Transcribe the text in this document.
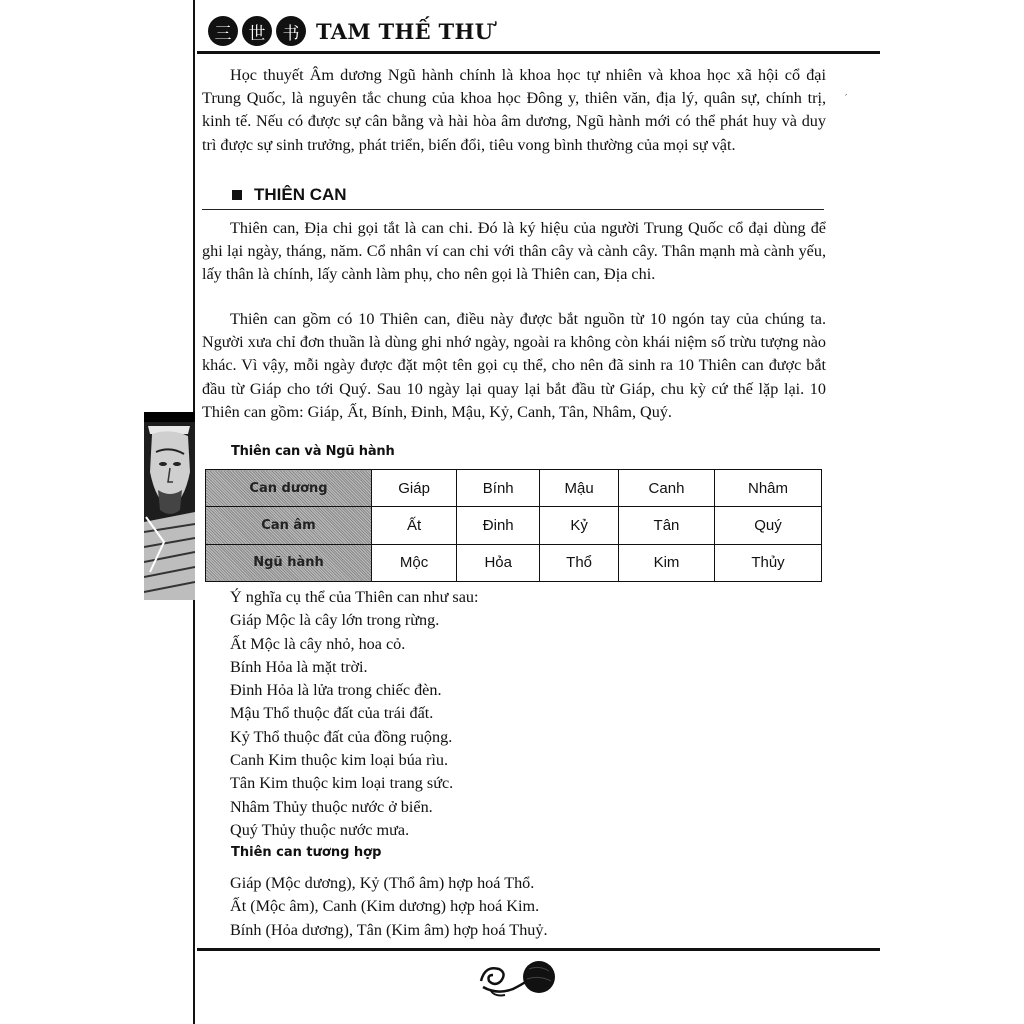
三	世	书 TAM THẾ THƯ
′

Học thuyết Âm dương Ngũ hành chính là khoa học tự nhiên và khoa học xã hội cổ đại Trung Quốc, là nguyên tắc chung của khoa học Đông y, thiên văn, địa lý, quân sự, chính trị, kinh tế. Nếu có được sự cân bằng và hài hòa âm dương, Ngũ hành mới có thể phát huy và duy trì được sự sinh trưởng, phát triển, biến đổi, tiêu vong bình thường của mọi sự vật.

THIÊN CAN

Thiên can, Địa chi gọi tắt là can chi. Đó là ký hiệu của người Trung Quốc cổ đại dùng để ghi lại ngày, tháng, năm. Cổ nhân ví can chi với thân cây và cành cây. Thân mạnh mà cành yếu, lấy thân là chính, lấy cành làm phụ, cho nên gọi là Thiên can, Địa chi.

Thiên can gồm có 10 Thiên can, điều này được bắt nguồn từ 10 ngón tay của chúng ta. Người xưa chỉ đơn thuần là dùng ghi nhớ ngày, ngoài ra không còn khái niệm số trừu tượng nào khác. Vì vậy, mỗi ngày được đặt một tên gọi cụ thể, cho nên đã sinh ra 10 Thiên can được bắt đầu từ Giáp cho tới Quý. Sau 10 ngày lại quay lại bắt đầu từ Giáp, chu kỳ cứ thế lặp lại. 10 Thiên can gồm: Giáp, Ất, Bính, Đinh, Mậu, Kỷ, Canh, Tân, Nhâm, Quý.

Thiên can và Ngũ hành
Can dương	Giáp	Bính	Mậu	Canh	Nhâm
Can âm	Ất	Đinh	Kỷ	Tân	Quý
Ngũ hành	Mộc	Hỏa	Thổ	Kim	Thủy
Ý nghĩa cụ thể của Thiên can như sau:
Giáp Mộc là cây lớn trong rừng.
Ất Mộc là cây nhỏ, hoa cỏ.
Bính Hỏa là mặt trời.
Đinh Hỏa là lửa trong chiếc đèn.
Mậu Thổ thuộc đất của trái đất.
Kỷ Thổ thuộc đất của đồng ruộng.
Canh Kim thuộc kim loại búa rìu.
Tân Kim thuộc kim loại trang sức.
Nhâm Thủy thuộc nước ở biển.
Quý Thủy thuộc nước mưa.
Thiên can tương hợp
Giáp (Mộc dương), Kỷ (Thổ âm) hợp hoá Thổ.
Ất (Mộc âm), Canh (Kim dương) hợp hoá Kim.
Bính (Hỏa dương), Tân (Kim âm) hợp hoá Thuỷ.
